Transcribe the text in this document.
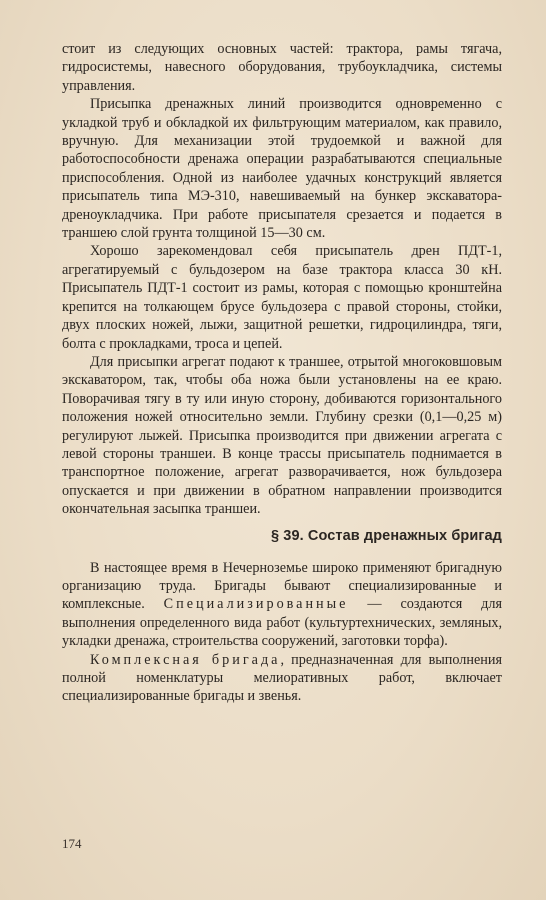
стоит из следующих основных частей: трактора, рамы тягача, гидросистемы, навесного оборудования, трубоукладчика, системы управления.

Присыпка дренажных линий производится одновременно с укладкой труб и обкладкой их фильтрующим материалом, как правило, вручную. Для механизации этой трудоемкой и важной для работоспособности дренажа операции разрабатываются специальные приспособления. Одной из наиболее удачных конструкций является присыпатель типа МЭ-310, навешиваемый на бункер экскаватора-дреноукладчика. При работе присыпателя срезается и подается в траншею слой грунта толщиной 15—30 см.

Хорошо зарекомендовал себя присыпатель дрен ПДТ-1, агрегатируемый с бульдозером на базе трактора класса 30 кН. Присыпатель ПДТ-1 состоит из рамы, которая с помощью кронштейна крепится на толкающем брусе бульдозера с правой стороны, стойки, двух плоских ножей, лыжи, защитной решетки, гидроцилиндра, тяги, болта с прокладками, троса и цепей.

Для присыпки агрегат подают к траншее, отрытой многоковшовым экскаватором, так, чтобы оба ножа были установлены на ее краю. Поворачивая тягу в ту или иную сторону, добиваются горизонтального положения ножей относительно земли. Глубину срезки (0,1—0,25 м) регулируют лыжей. Присыпка производится при движении агрегата с левой стороны траншеи. В конце трассы присыпатель поднимается в транспортное положение, агрегат разворачивается, нож бульдозера опускается и при движении в обратном направлении производится окончательная засыпка траншеи.

§ 39. Состав дренажных бригад

В настоящее время в Нечерноземье широко применяют бригадную организацию труда. Бригады бывают специализированные и комплексные. Специализированные — создаются для выполнения определенного вида работ (культуртехнических, земляных, укладки дренажа, строительства сооружений, заготовки торфа).

Комплексная бригада, предназначенная для выполнения полной номенклатуры мелиоративных работ, включает специализированные бригады и звенья.

174
